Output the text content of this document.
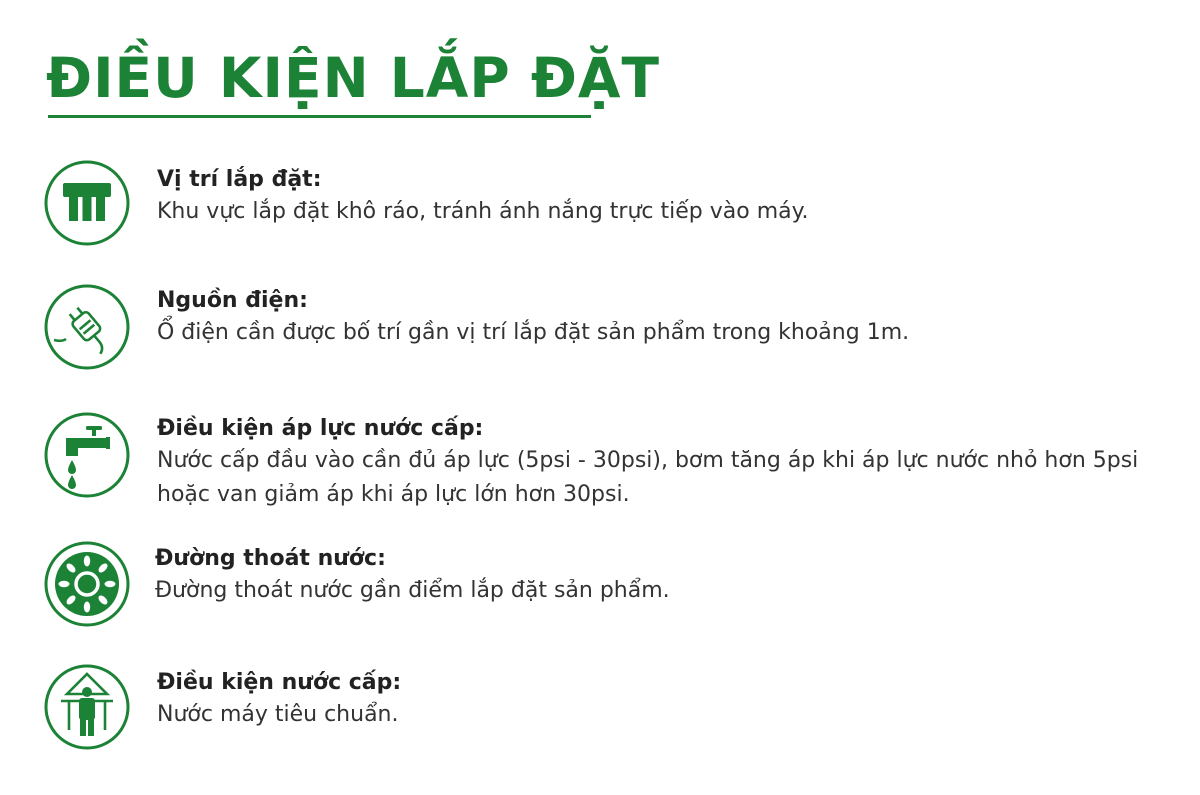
ĐIỀU KIỆN LẮP ĐẶT
Vị trí lắp đặt:
Khu vực lắp đặt khô ráo, tránh ánh nắng trực tiếp vào máy.
Nguồn điện:
Ổ điện cần được bố trí gần vị trí lắp đặt sản phẩm trong khoảng 1m.
Điều kiện áp lực nước cấp:
Nước cấp đầu vào cần đủ áp lực (5psi - 30psi), bơm tăng áp khi áp lực nước nhỏ hơn 5psi hoặc van giảm áp khi áp lực lớn hơn 30psi.
Đường thoát nước:
Đường thoát nước gần điểm lắp đặt sản phẩm.
Điều kiện nước cấp:
Nước máy tiêu chuẩn.
